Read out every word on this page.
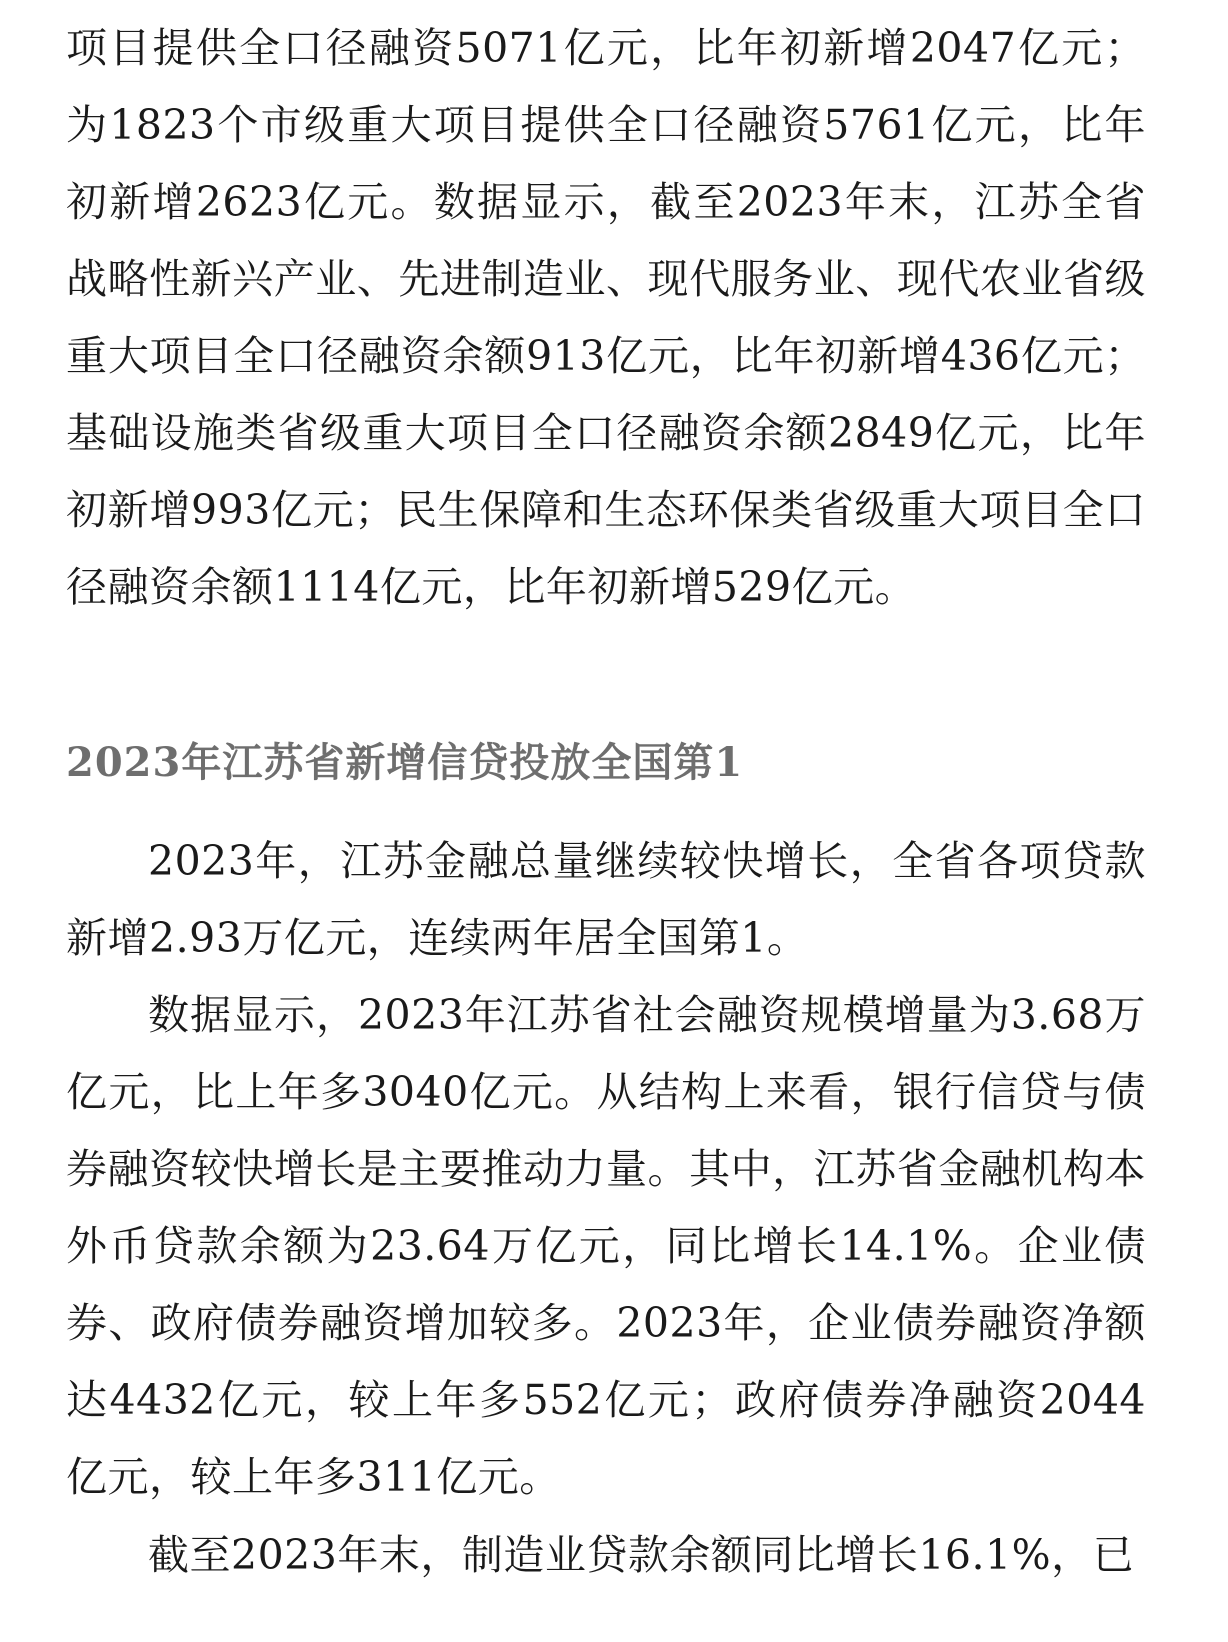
项目提供全口径融资5071亿元，比年初新增2047亿元；为1823个市级重大项目提供全口径融资5761亿元，比年初新增2623亿元。数据显示，截至2023年末，江苏全省战略性新兴产业、先进制造业、现代服务业、现代农业省级重大项目全口径融资余额913亿元，比年初新增436亿元；基础设施类省级重大项目全口径融资余额2849亿元，比年初新增993亿元；民生保障和生态环保类省级重大项目全口径融资余额1114亿元，比年初新增529亿元。

2023年江苏省新增信贷投放全国第1

2023年，江苏金融总量继续较快增长，全省各项贷款新增2.93万亿元，连续两年居全国第1。

数据显示，2023年江苏省社会融资规模增量为3.68万亿元，比上年多3040亿元。从结构上来看，银行信贷与债券融资较快增长是主要推动力量。其中，江苏省金融机构本外币贷款余额为23.64万亿元，同比增长14.1%。企业债券、政府债券融资增加较多。2023年，企业债券融资净额达4432亿元，较上年多552亿元；政府债券净融资2044亿元，较上年多311亿元。

截至2023年末，制造业贷款余额同比增长16.1%，已
